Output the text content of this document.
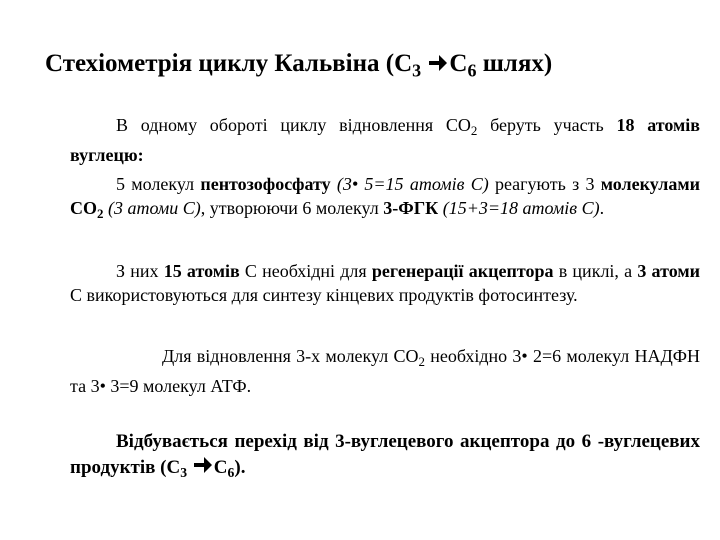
Стехіометрія циклу Кальвіна ($С_3$ $С_6$ шлях)
В одному обороті циклу відновлення $СО_2$ беруть участь 18 атомів вуглецю:
5 молекул пентозофосфату (3• 5=15 атомів С) реагують з 3 молекулами $СО_2$ (3 атоми С), утворюючи 6 молекул 3-ФГК (15+3=18 атомів С).
З них 15 атомів С необхідні для регенерації акцептора в циклі, а 3 атоми С використовуються для синтезу кінцевих продуктів фотосинтезу.
Для відновлення 3-х молекул $СО_2$ необхідно 3• 2=6 молекул НАДФН та 3• 3=9 молекул АТФ.
Відбувається перехід від 3-вуглецевого акцептора до 6 -вуглецевих продуктів ($С_3$ $С_6$).
